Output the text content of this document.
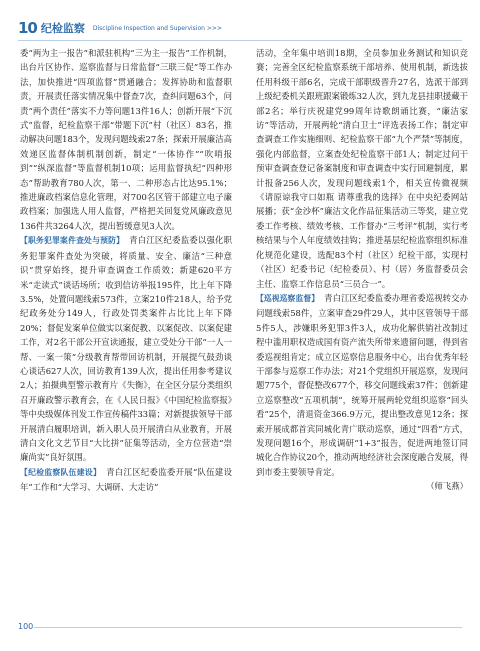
10 纪检监察 Discipline Inspection and Supervision >>>

委“两为主一报告”和派驻机构“三为主一报告”工作机制，出台片区协作、巡察监督与日常监督“三联三促”等工作办法，加快推进“四项监督”贯通融合；发挥协助和监督职责，开展责任落实情况集中督查7次，查纠问题63个，问责“两个责任”落实不力等问题13件16人；创新开展“下沉式”监督，纪检监察干部“带题下沉”村（社区）83名，推动解决问题183个，发现问题线索27条；探索开展廉洁高效递区监督体制机制创新，制定“一体协作”“吹哨报到”“纵深监督”等监督机制10项；运用监督执纪“四种形态”帮助教育780人次，第一、二种形态占比达95.1%；推进廉政档案信息化管理，对700名区管干部建立电子廉政档案；加强选人用人监督，严格把关回复党风廉政意见136件共3264人次，提出暂缓意见3人次。

【职务犯罪案件查处与预防】 青白江区纪委监委以强化职务犯罪案件查处为突破，将质量、安全、廉洁“三种意识”贯穿始终，提升审查调查工作质效；新建620平方米“走读式”谈话场所；收到信访举报195件，比上年下降3.5%，处置问题线索573件，立案210件218人，给予党纪政务处分149人，行政处罚类案件占比比上年下降20%；督促发案单位做实以案促教、以案促改、以案促建工作，对2名干部公开宣读通报，建立受处分干部“一人一帮、一案一策”分级教育帮带回访机制，开展提气鼓劲谈心谈话627人次，回访教育139人次，提出任用参考建议2人；拍摄典型警示教育片《失衡》，在全区分层分类组织召开廉政警示教育会，在《人民日报》《中国纪检监察报》等中央级媒体刊发工作宣传稿件33篇；对新提拔领导干部开展清白履职培训，新入职人员开展清白从业教育，开展清白文化文艺节目“大比拼”征集等活动，全方位营造“崇廉尚实”良好氛围。

【纪检监察队伍建设】 青白江区纪委监委开展“队伍建设年”工作和“大学习、大调研、大走访”

活动，全年集中培训18期，全员参加业务测试和知识竞赛；完善全区纪检监察系统干部培养、使用机制，新选拔任用科级干部6名，完成干部职级晋升27名，选派干部到上级纪委机关跟班跟案锻炼32人次，到九龙县挂职援藏干部2名；举行庆祝建党99周年诗歌朗诵比赛，“廉洁家访”等活动，开展两轮“清白卫士”评选表扬工作；制定审查调查工作实施细则、纪检监察干部“九个严禁”等制度，强化内部监督，立案查处纪检监察干部1人；制定过问干预审查调查登记备案制度和审查调查中实行回避制度，累计报备256人次，发现问题线索1个，相关宣传微视频《请原谅我守口如瓶 请尊重我的选择》在中央纪委网站展播；获“金沙杯”廉洁文化作品征集活动三等奖，建立党委工作考核、绩效考核、工作督办“三考评”机制，实行考核结果与个人年度绩效挂钩；推进基层纪检监察组织标准化规范化建设，选配83个村（社区）纪检干部，实现村（社区）纪委书记（纪检委员）、村（居）务监督委员会主任、监察工作信息员“三员合一”。

【巡视巡察监督】 青白江区纪委监委办理省委巡视转交办问题线索58件，立案审查29件29人，其中区管领导干部5件5人，涉嫌职务犯罪3件3人，成功化解供销社改制过程中滥用职权造成国有资产流失所带来遗留问题，得到省委巡视组肯定；成立区巡察信息服务中心，出台优秀年轻干部参与巡察工作办法；对21个党组织开展巡察，发现问题775个，督促整改677个，移交问题线索37件；创新建立巡察整改“五项机制”，统筹开展两轮党组织巡察“回头看”25个，清退资金366.9万元，提出整改意见12条；探索开展成都首宾同城化青广联动巡察，通过“四看”方式，发现问题16个，形成调研“1+3”报告，促进两地签订同城化合作协议20个，推动两地经济社会深度融合发展，得到市委主要领导肯定。

（师飞燕）

100
